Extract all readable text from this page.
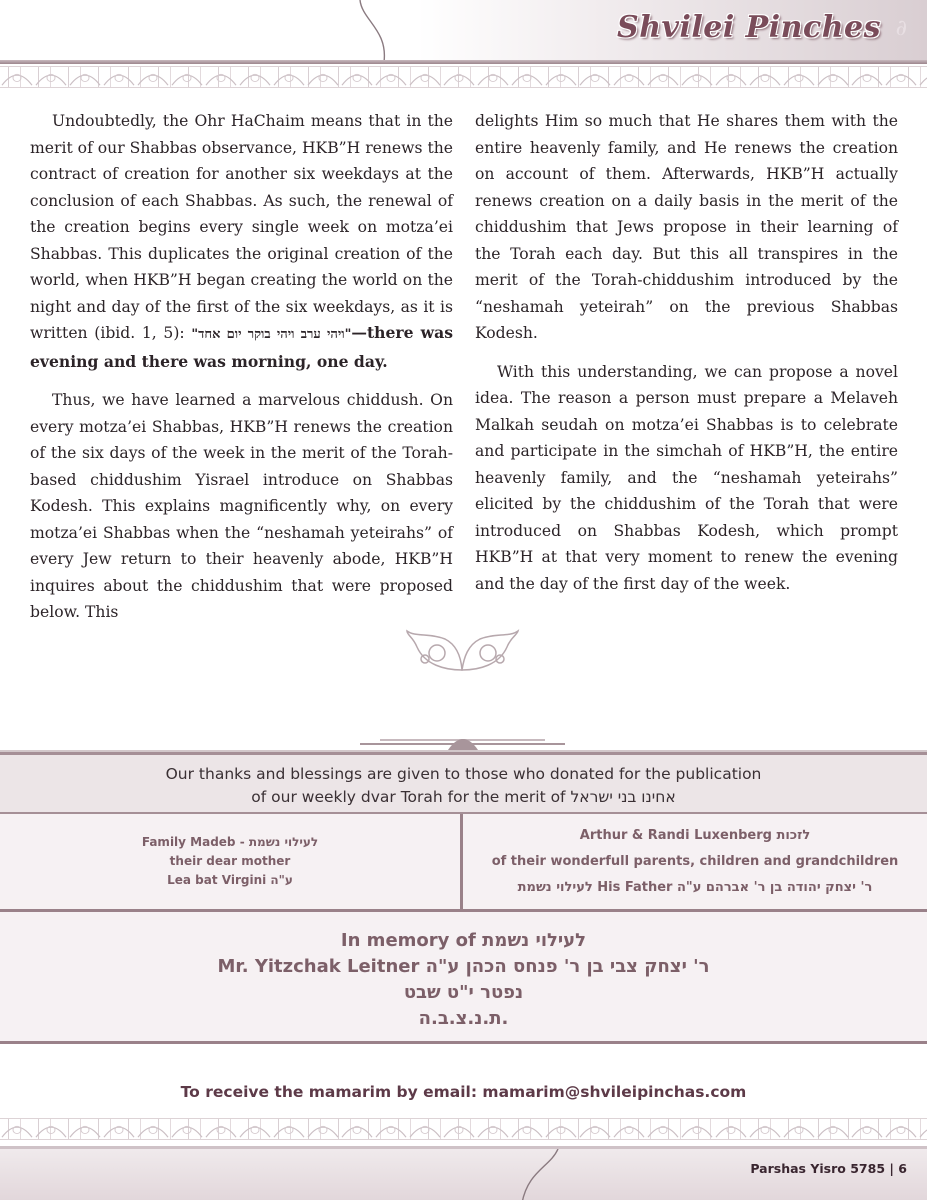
Shvilei Pinches ∂

Undoubtedly, the Ohr HaChaim means that in the merit of our Shabbas observance, HKB”H renews the contract of creation for another six weekdays at the conclusion of each Shabbas. As such, the renewal of the creation begins every single week on motza’ei Shabbas. This duplicates the original creation of the world, when HKB”H began creating the world on the night and day of the first of the six weekdays, as it is written (ibid. 1, 5): "ויהי ערב ויהי בוקר יום אחד"—there was evening and there was morning, one day.

Thus, we have learned a marvelous chiddush. On every motza’ei Shabbas, HKB”H renews the creation of the six days of the week in the merit of the Torah-based chiddushim Yisrael introduce on Shabbas Kodesh. This explains magnificently why, on every motza’ei Shabbas when the “neshamah yeteirahs” of every Jew return to their heavenly abode, HKB”H inquires about the chiddushim that were proposed below. This

delights Him so much that He shares them with the entire heavenly family, and He renews the creation on account of them. Afterwards, HKB”H actually renews creation on a daily basis in the merit of the chiddushim that Jews propose in their learning of the Torah each day. But this all transpires in the merit of the Torah-chiddushim introduced by the “neshamah yeteirah” on the previous Shabbas Kodesh.

With this understanding, we can propose a novel idea. The reason a person must prepare a Melaveh Malkah seudah on motza’ei Shabbas is to celebrate and participate in the simchah of HKB”H, the entire heavenly family, and the “neshamah yeteirahs” elicited by the chiddushim of the Torah that were introduced on Shabbas Kodesh, which prompt HKB”H at that very moment to renew the evening and the day of the first day of the week.

Our thanks and blessings are given to those who donated for the publication
of our weekly dvar Torah for the merit of אחינו בני ישראל
Family Madeb - לעילוי נשמת
their dear mother
Lea bat Virgini ע"ה
Arthur & Randi Luxenberg לזכות
of their wonderfull parents, children and grandchildren
לעילוי נשמת His Father ר' יצחק יהודה בן ר' אברהם ע"ה
In memory of לעילוי נשמת
Mr. Yitzchak Leitner ר' יצחק צבי בן ר' פנחס הכהן ע"ה
נפטר י"ט שבט
ת.נ.צ.ב.ה.
To receive the mamarim by email: mamarim@shvileipinchas.com
Parshas Yisro 5785 | 6
